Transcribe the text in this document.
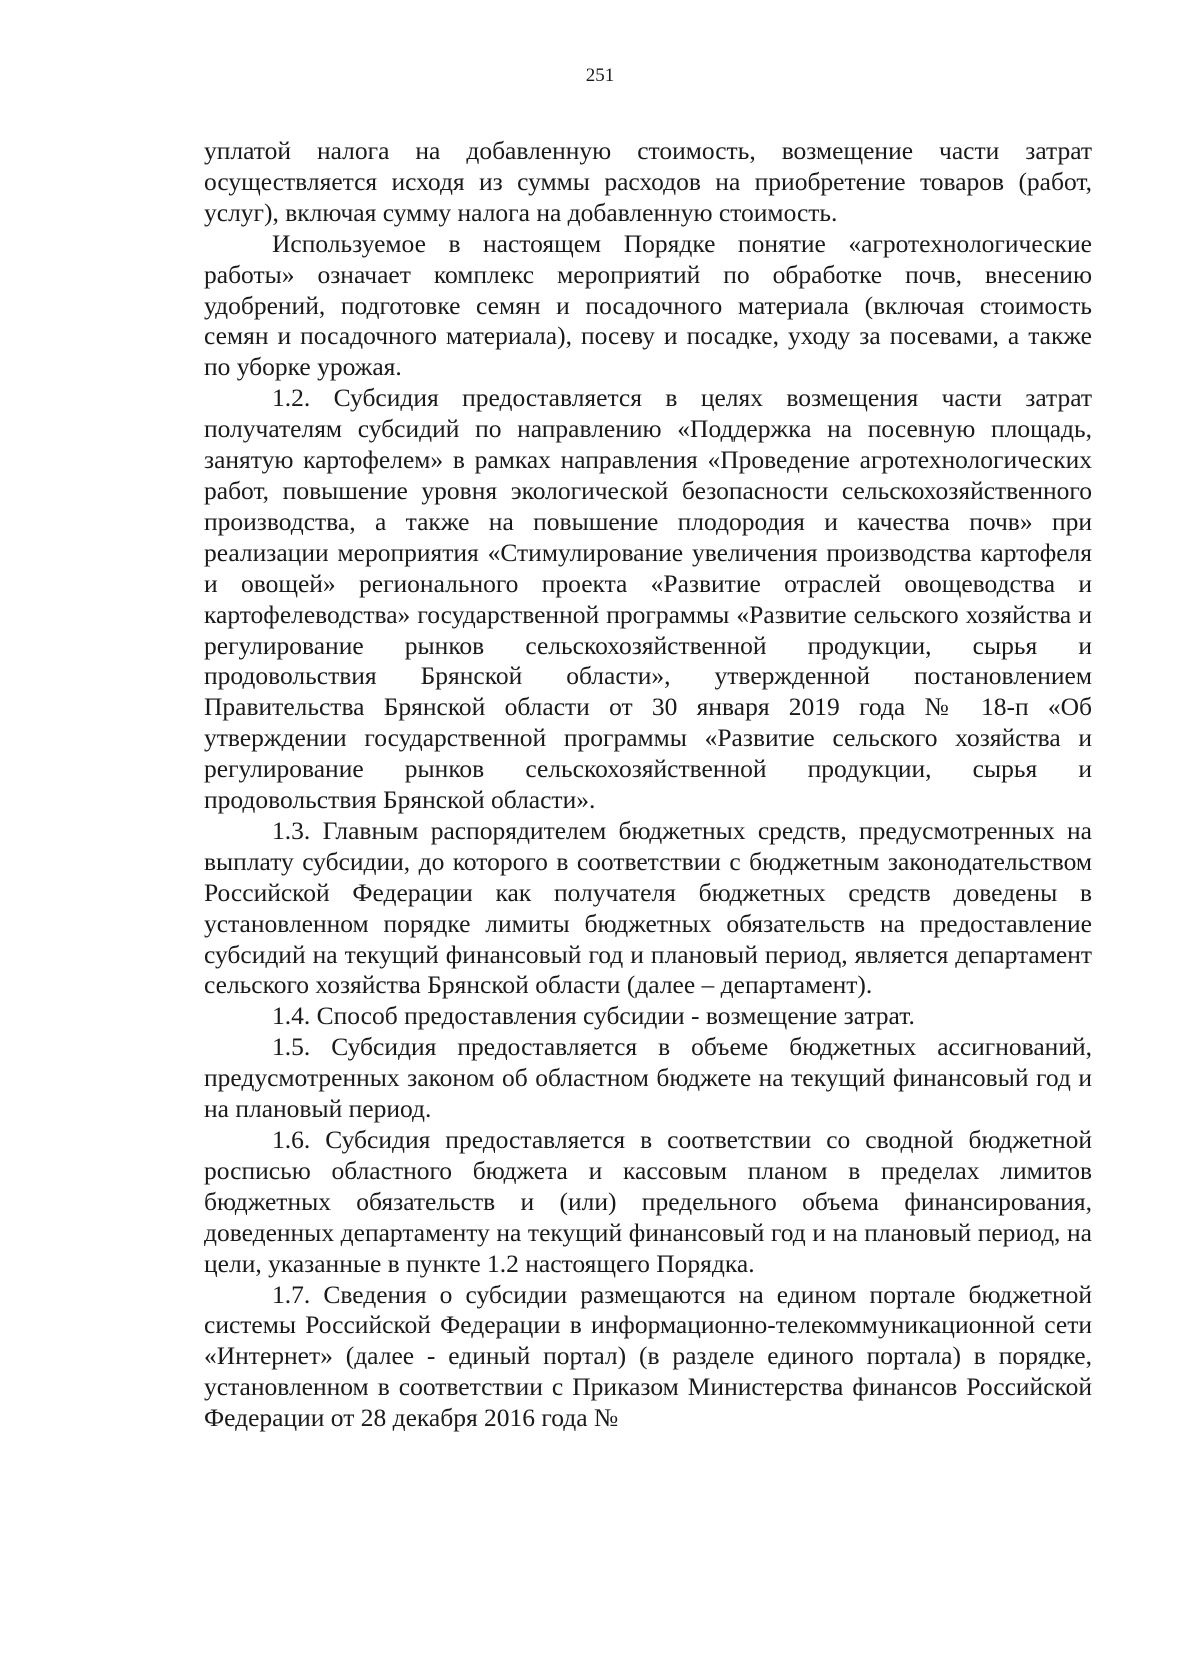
251

уплатой налога на добавленную стоимость, возмещение части затрат осуществляется исходя из суммы расходов на приобретение товаров (работ, услуг), включая сумму налога на добавленную стоимость.

Используемое в настоящем Порядке понятие «агротехнологические работы» означает комплекс мероприятий по обработке почв, внесению удобрений, подготовке семян и посадочного материала (включая стоимость семян и посадочного материала), посеву и посадке, уходу за посевами, а также по уборке урожая.

1.2. Субсидия предоставляется в целях возмещения части затрат получателям субсидий по направлению «Поддержка на посевную площадь, занятую картофелем» в рамках направления «Проведение агротехнологических работ, повышение уровня экологической безопасности сельскохозяйственного производства, а также на повышение плодородия и качества почв» при реализации мероприятия «Стимулирование увеличения производства картофеля и овощей» регионального проекта «Развитие отраслей овощеводства и картофелеводства» государственной программы «Развитие сельского хозяйства и регулирование рынков сельскохозяйственной продукции, сырья и продовольствия Брянской области», утвержденной постановлением Правительства Брянской области от 30 января 2019 года № 18-п «Об утверждении государственной программы «Развитие сельского хозяйства и регулирование рынков сельскохозяйственной продукции, сырья и продовольствия Брянской области».

1.3. Главным распорядителем бюджетных средств, предусмотренных на выплату субсидии, до которого в соответствии с бюджетным законодательством Российской Федерации как получателя бюджетных средств доведены в установленном порядке лимиты бюджетных обязательств на предоставление субсидий на текущий финансовый год и плановый период, является департамент сельского хозяйства Брянской области (далее – департамент).

1.4. Способ предоставления субсидии - возмещение затрат.

1.5. Субсидия предоставляется в объеме бюджетных ассигнований, предусмотренных законом об областном бюджете на текущий финансовый год и на плановый период.

1.6. Субсидия предоставляется в соответствии со сводной бюджетной росписью областного бюджета и кассовым планом в пределах лимитов бюджетных обязательств и (или) предельного объема финансирования, доведенных департаменту на текущий финансовый год и на плановый период, на цели, указанные в пункте 1.2 настоящего Порядка.

1.7. Сведения о субсидии размещаются на едином портале бюджетной системы Российской Федерации в информационно-телекоммуникационной сети «Интернет» (далее - единый портал) (в разделе единого портала) в порядке, установленном в соответствии с Приказом Министерства финансов Российской Федерации от 28 декабря 2016 года №
